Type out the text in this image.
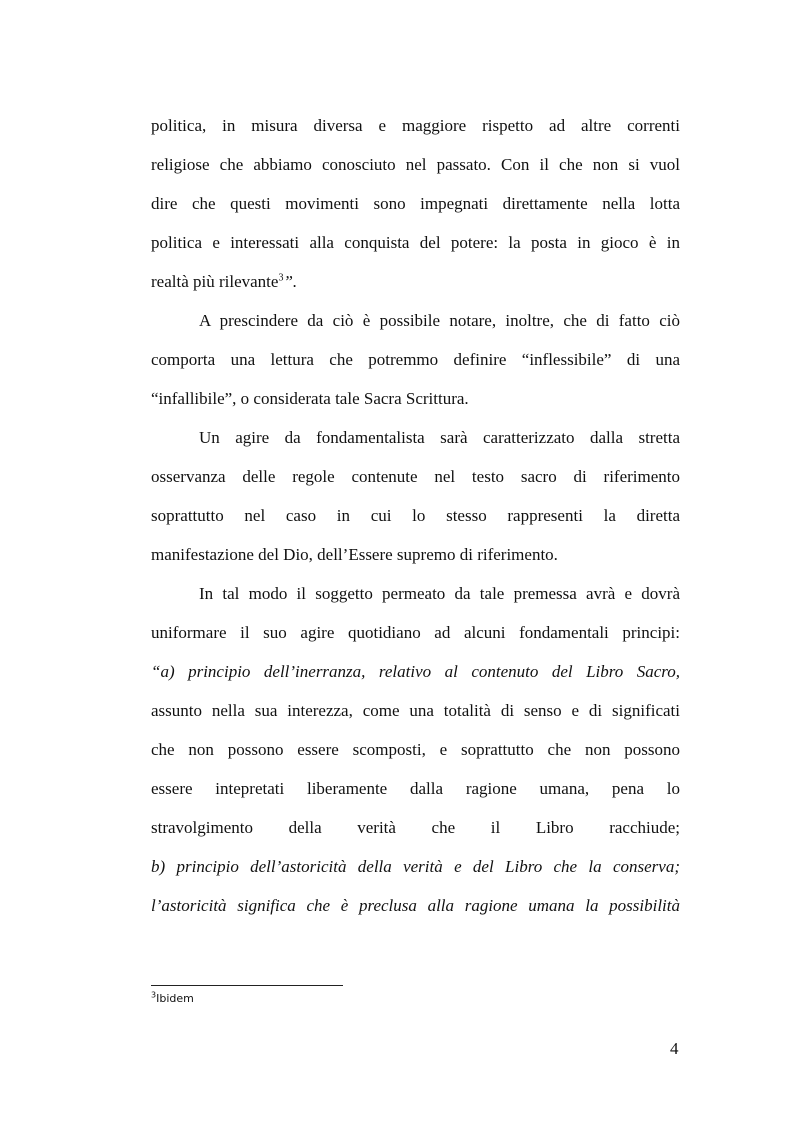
politica, in misura diversa e maggiore rispetto ad altre correnti
religiose che abbiamo conosciuto nel passato. Con il che non si vuol
dire che questi movimenti sono impegnati direttamente nella lotta
politica e interessati alla conquista del potere: la posta in gioco è in
realtà più rilevante$^3$”.
A prescindere da ciò è possibile notare, inoltre, che di fatto ciò
comporta una lettura che potremmo definire “inflessibile” di una
“infallibile”, o considerata tale Sacra Scrittura.
Un agire da fondamentalista sarà caratterizzato dalla stretta
osservanza delle regole contenute nel testo sacro di riferimento
soprattutto nel caso in cui lo stesso rappresenti la diretta
manifestazione del Dio, dell’Essere supremo di riferimento.
In tal modo il soggetto permeato da tale premessa avrà e dovrà
uniformare il suo agire quotidiano ad alcuni fondamentali principi:
“a) principio dell’inerranza, relativo al contenuto del Libro Sacro,
assunto nella sua interezza, come una totalità di senso e di significati
che non possono essere scomposti, e soprattutto che non possono
essere intepretati liberamente dalla ragione umana, pena lo
stravolgimento della verità che il Libro racchiude;
b) principio dell’astoricità della verità e del Libro che la conserva;
l’astoricità significa che è preclusa alla ragione umana la possibilità
$^3$Ibidem
4
